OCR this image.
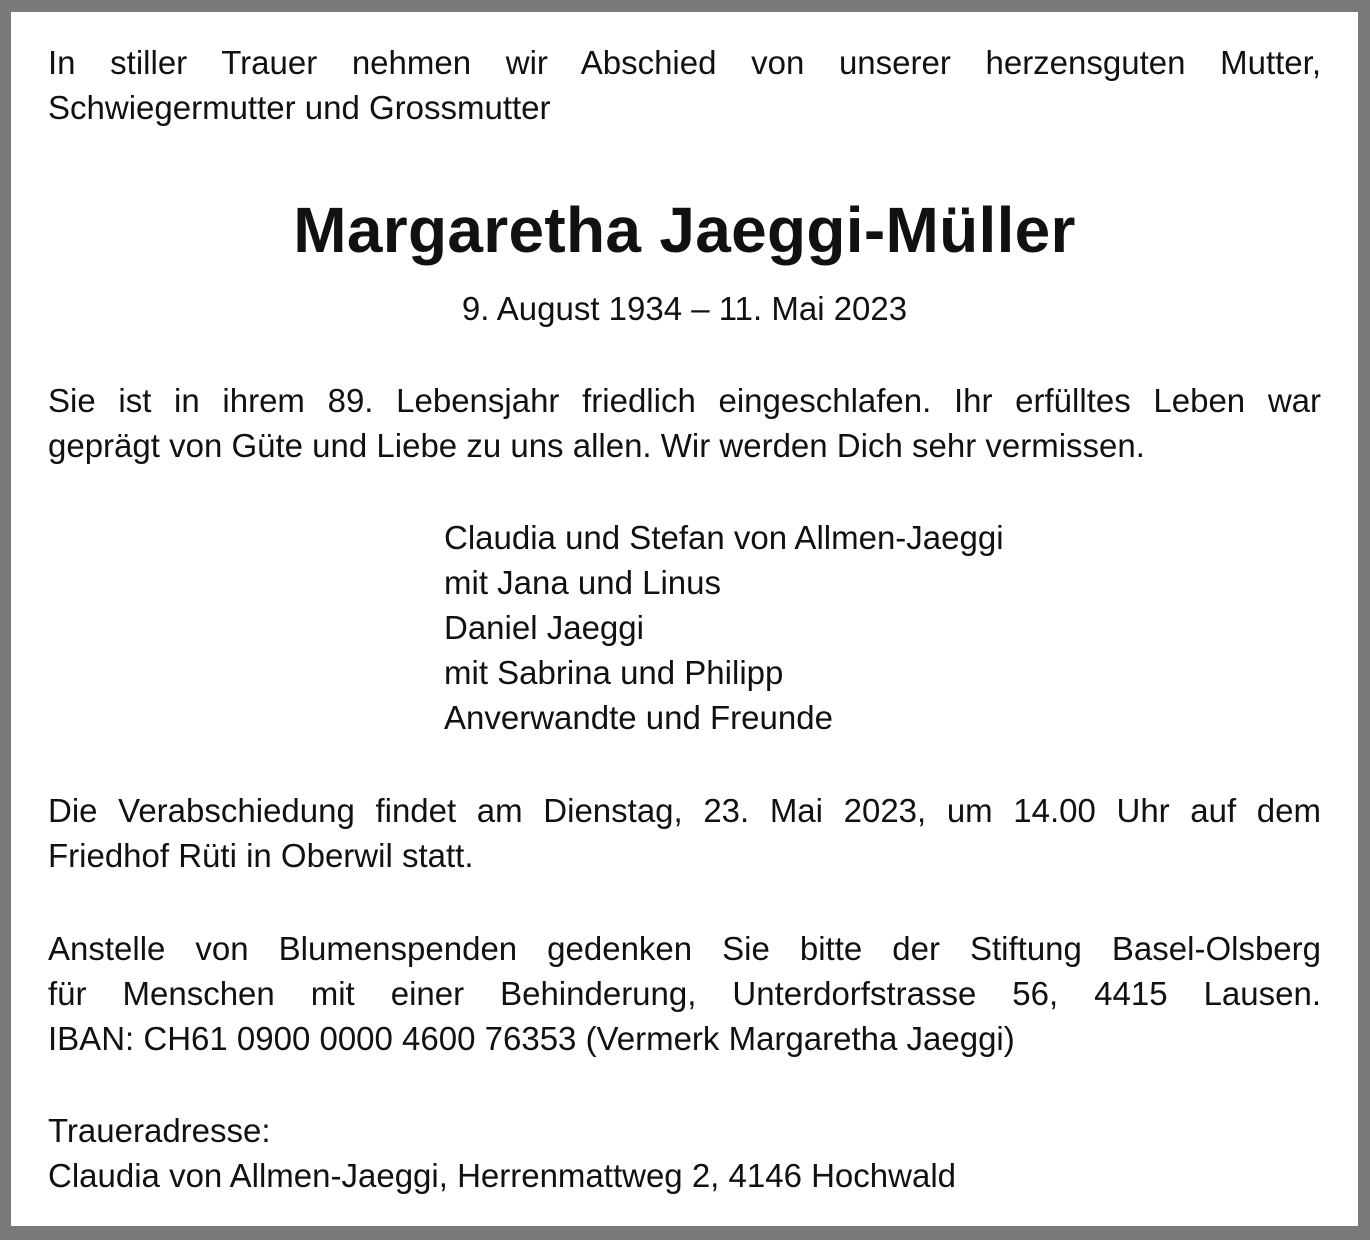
In stiller Trauer nehmen wir Abschied von unserer herzensguten Mutter,
Schwiegermutter und Grossmutter
Margaretha Jaeggi-Müller
9. August 1934 – 11. Mai 2023
Sie ist in ihrem 89. Lebensjahr friedlich eingeschlafen. Ihr erfülltes Leben war
geprägt von Güte und Liebe zu uns allen. Wir werden Dich sehr vermissen.
Claudia und Stefan von Allmen-Jaeggi
mit Jana und Linus
Daniel Jaeggi
mit Sabrina und Philipp
Anverwandte und Freunde
Die Verabschiedung findet am Dienstag, 23. Mai 2023, um 14.00 Uhr auf dem
Friedhof Rüti in Oberwil statt.
Anstelle von Blumenspenden gedenken Sie bitte der Stiftung Basel-Olsberg
für Menschen mit einer Behinderung, Unterdorfstrasse 56, 4415 Lausen.
IBAN: CH61 0900 0000 4600 76353 (Vermerk Margaretha Jaeggi)
Traueradresse:
Claudia von Allmen-Jaeggi, Herrenmattweg 2, 4146 Hochwald
